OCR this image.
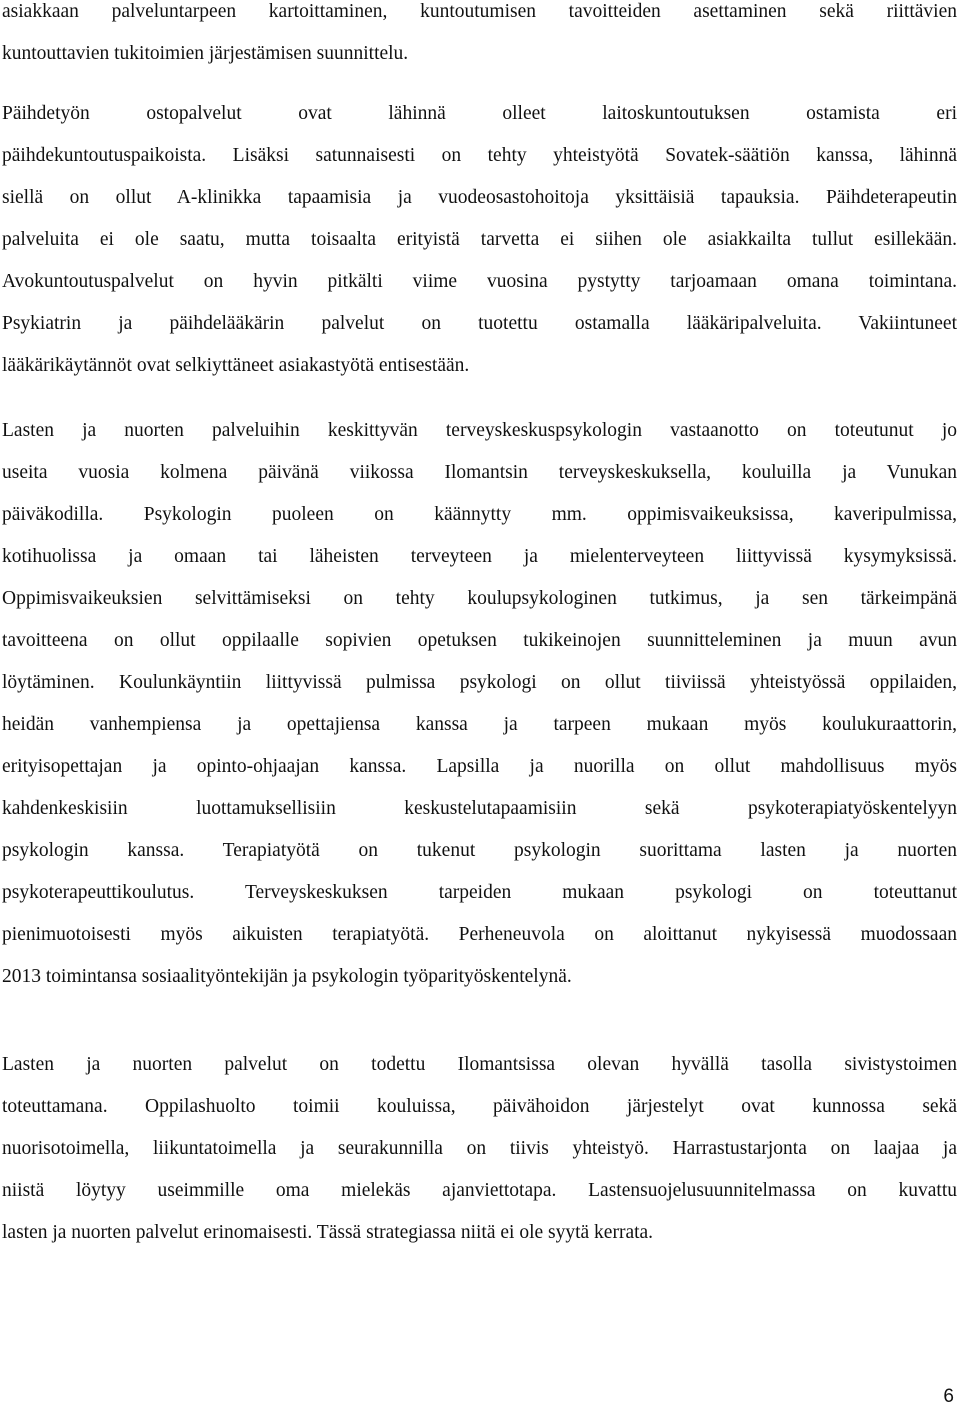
asiakkaan palveluntarpeen kartoittaminen, kuntoutumisen tavoitteiden asettaminen sekä riittävien
kuntouttavien tukitoimien järjestämisen suunnittelu.
Päihdetyön ostopalvelut ovat lähinnä olleet laitoskuntoutuksen ostamista eri
päihdekuntoutuspaikoista. Lisäksi satunnaisesti on tehty yhteistyötä Sovatek-säätiön kanssa, lähinnä
siellä on ollut A-klinikka tapaamisia ja vuodeosastohoitoja yksittäisiä tapauksia. Päihdeterapeutin
palveluita ei ole saatu, mutta toisaalta erityistä tarvetta ei siihen ole asiakkailta tullut esillekään.
Avokuntoutuspalvelut on hyvin pitkälti viime vuosina pystytty tarjoamaan omana toimintana.
Psykiatrin ja päihdelääkärin palvelut on tuotettu ostamalla lääkäripalveluita. Vakiintuneet
lääkärikäytännöt ovat selkiyttäneet asiakastyötä entisestään.
Lasten ja nuorten palveluihin keskittyvän terveyskeskuspsykologin vastaanotto on toteutunut jo
useita vuosia kolmena päivänä viikossa Ilomantsin terveyskeskuksella, kouluilla ja Vunukan
päiväkodilla. Psykologin puoleen on käännytty mm. oppimisvaikeuksissa, kaveripulmissa,
kotihuolissa ja omaan tai läheisten terveyteen ja mielenterveyteen liittyvissä kysymyksissä.
Oppimisvaikeuksien selvittämiseksi on tehty koulupsykologinen tutkimus, ja sen tärkeimpänä
tavoitteena on ollut oppilaalle sopivien opetuksen tukikeinojen suunnitteleminen ja muun avun
löytäminen. Koulunkäyntiin liittyvissä pulmissa psykologi on ollut tiiviissä yhteistyössä oppilaiden,
heidän vanhempiensa ja opettajiensa kanssa ja tarpeen mukaan myös koulukuraattorin,
erityisopettajan ja opinto-ohjaajan kanssa. Lapsilla ja nuorilla on ollut mahdollisuus myös
kahdenkeskisiin luottamuksellisiin keskustelutapaamisiin sekä psykoterapiatyöskentelyyn
psykologin kanssa. Terapiatyötä on tukenut psykologin suorittama lasten ja nuorten
psykoterapeuttikoulutus. Terveyskeskuksen tarpeiden mukaan psykologi on toteuttanut
pienimuotoisesti myös aikuisten terapiatyötä. Perheneuvola on aloittanut nykyisessä muodossaan
2013 toimintansa sosiaalityöntekijän ja psykologin työparityöskentelynä.
Lasten ja nuorten palvelut on todettu Ilomantsissa olevan hyvällä tasolla sivistystoimen
toteuttamana. Oppilashuolto toimii kouluissa, päivähoidon järjestelyt ovat kunnossa sekä
nuorisotoimella, liikuntatoimella ja seurakunnilla on tiivis yhteistyö. Harrastustarjonta on laajaa ja
niistä löytyy useimmille oma mielekäs ajanviettotapa. Lastensuojelusuunnitelmassa on kuvattu
lasten ja nuorten palvelut erinomaisesti. Tässä strategiassa niitä ei ole syytä kerrata.
6
